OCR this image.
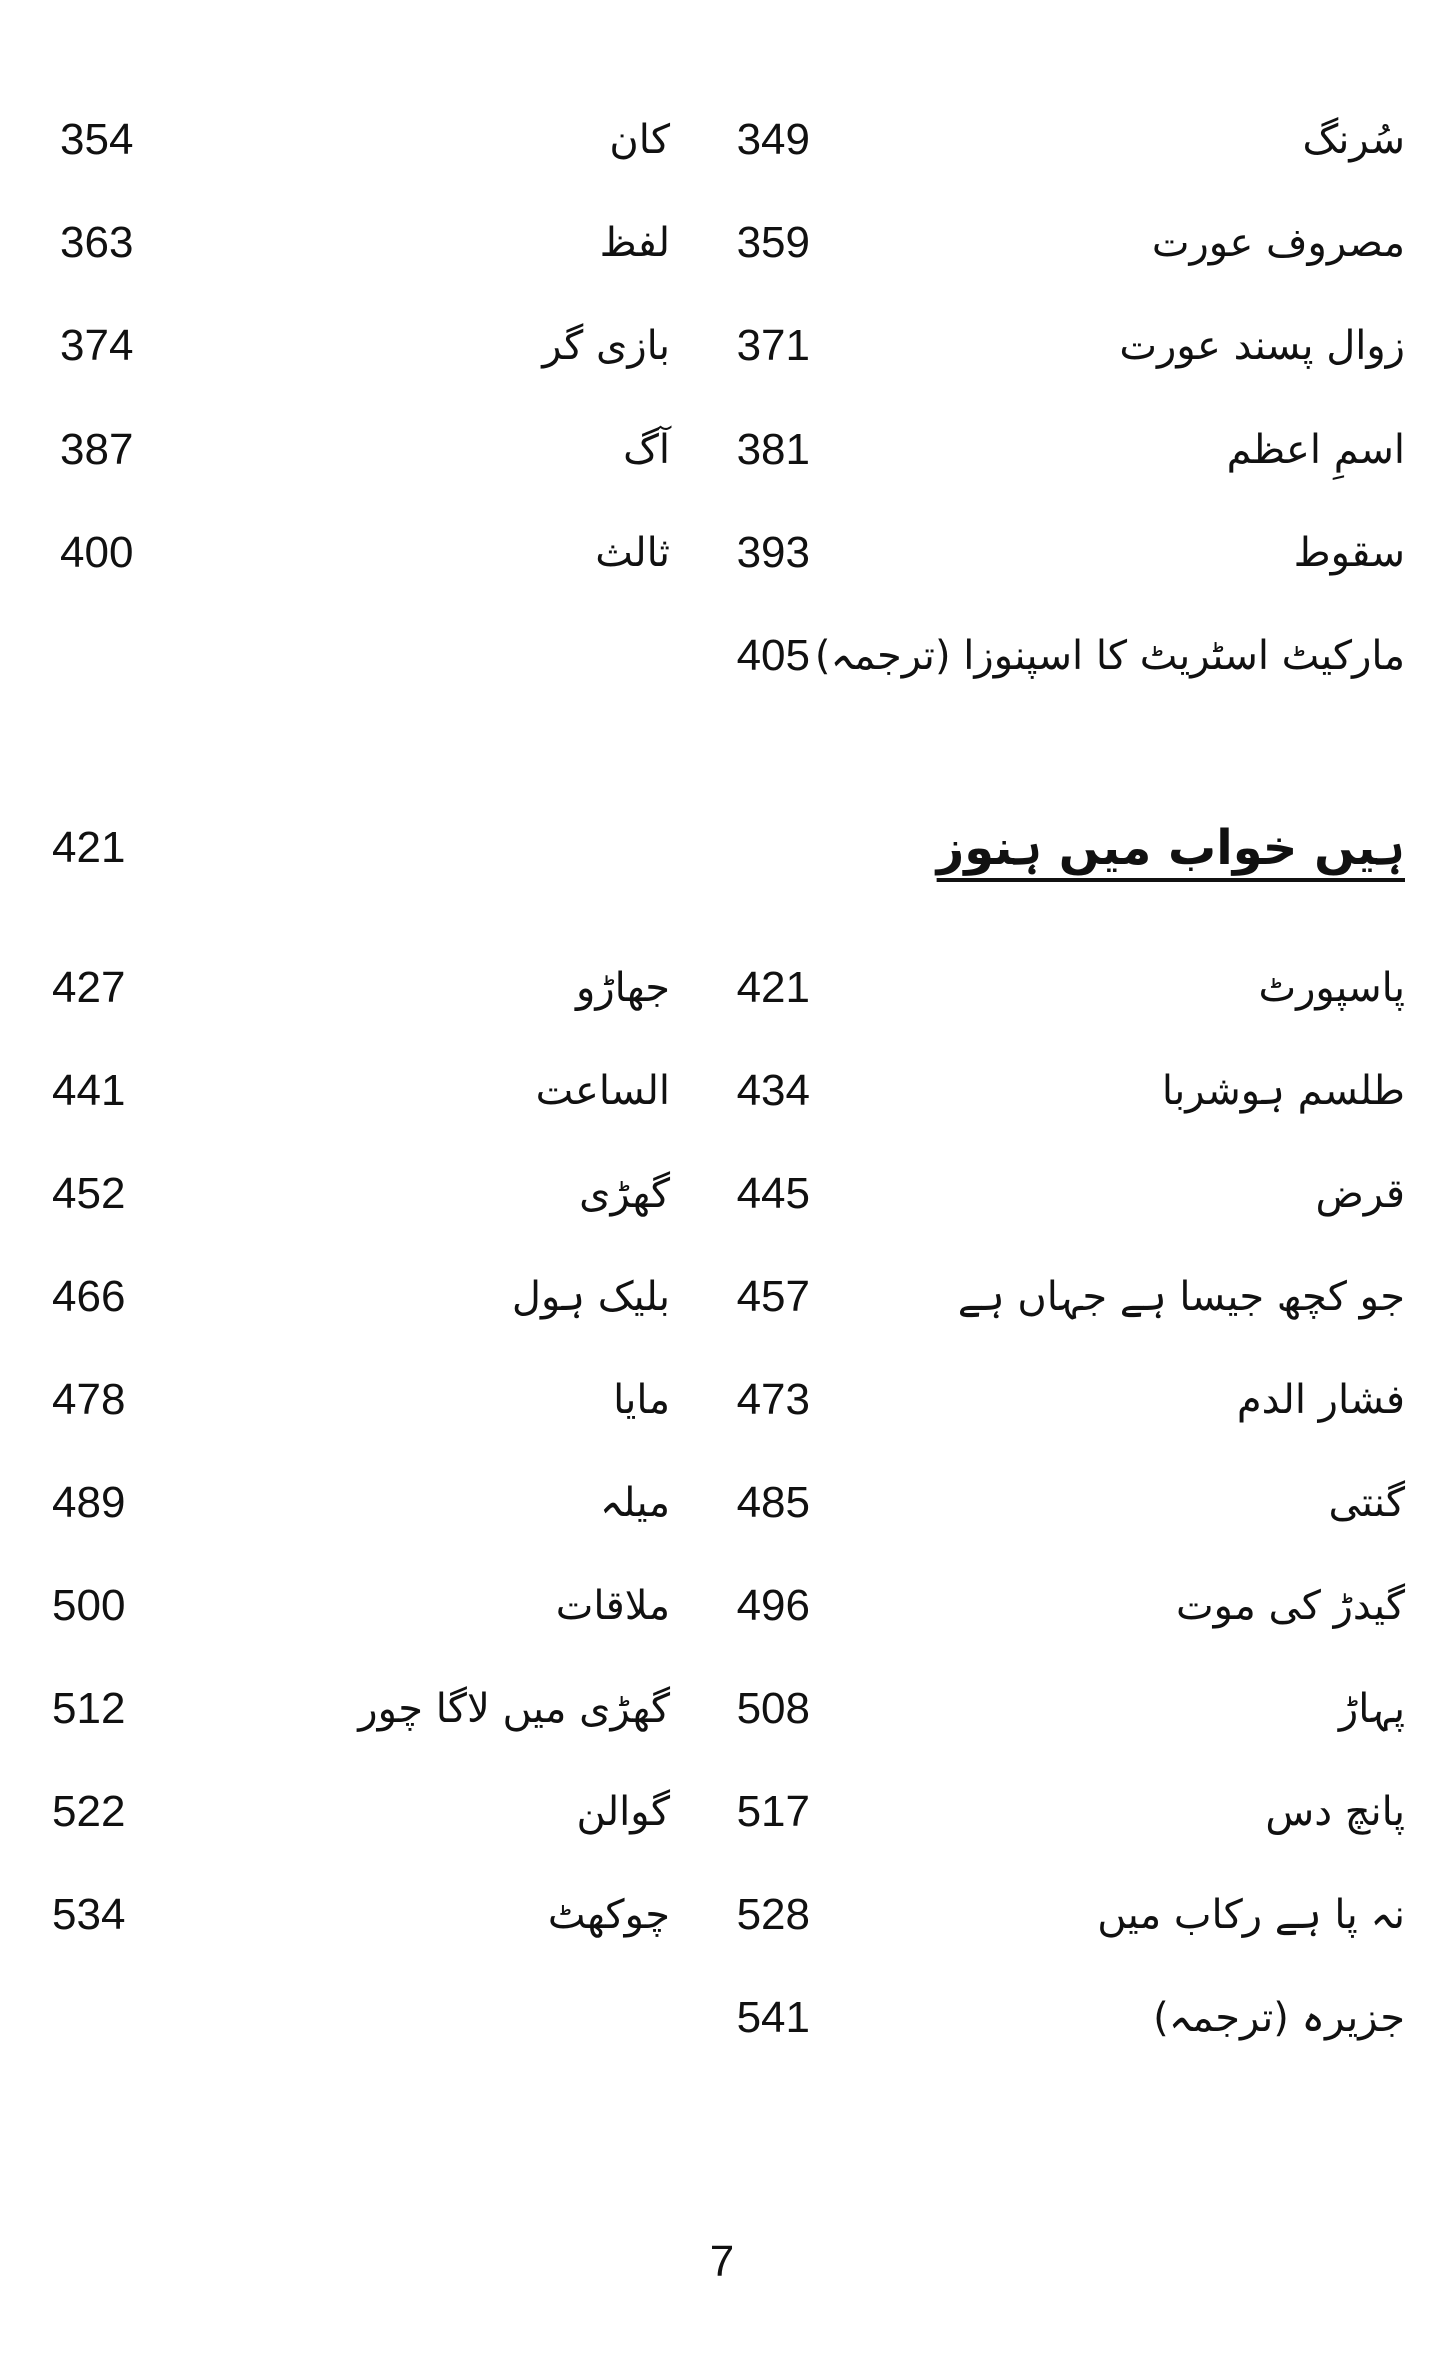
سُرنگ
349
کان
354
مصروف عورت
359
لفظ
363
زوال پسند عورت
371
بازی گر
374
اسمِ اعظم
381
آگ
387
سقوط
393
ثالث
400
مارکیٹ اسٹریٹ کا اسپنوزا (ترجمہ)
405
ہیں خواب میں ہنوز
421
پاسپورٹ
421
جھاڑو
427
طلسم ہوشربا
434
الساعت
441
قرض
445
گھڑی
452
جو کچھ جیسا ہے جہاں ہے
457
بلیک ہول
466
فشار الدم
473
مایا
478
گنتی
485
میلہ
489
گیدڑ کی موت
496
ملاقات
500
پہاڑ
508
گھڑی میں لاگا چور
512
پانچ دس
517
گوالن
522
نہ پا ہے رکاب میں
528
چوکھٹ
534
جزیرہ (ترجمہ)
541
7
